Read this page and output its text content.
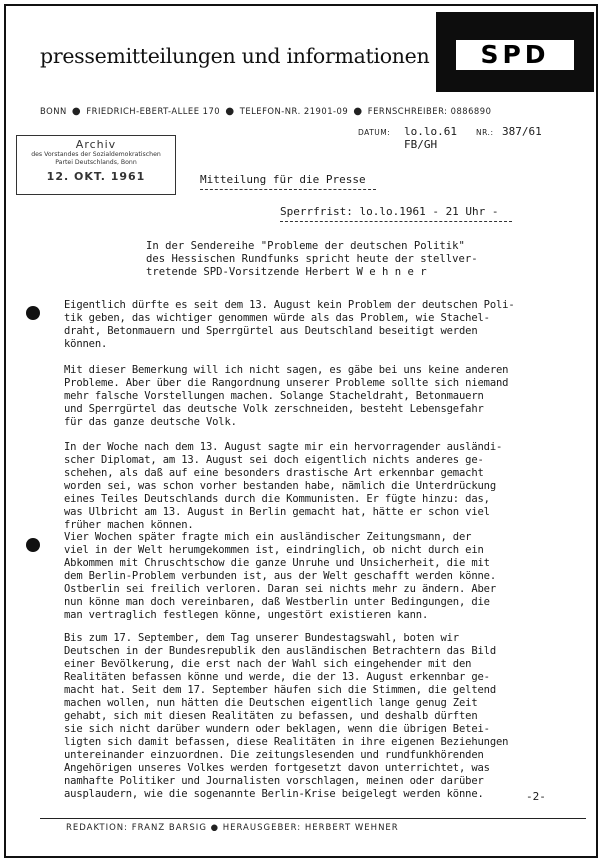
pressemitteilungen und informationen	SPD
BONN ● FRIEDRICH-EBERT-ALLEE 170 ● TELEFON-NR. 21901-09 ● FERNSCHREIBER: 0886890
Archiv
des Vorstandes der Sozialdemokratischen
Partei Deutschlands, Bonn
12. OKT. 1961
DATUM: lo.lo.61	NR.: 387/61
FB/GH
Mitteilung für die Presse
Sperrfrist: lo.lo.1961 - 21 Uhr -
In der Sendereihe "Probleme der deutschen Politik"
des Hessischen Rundfunks spricht heute der stellver-
tretende SPD-Vorsitzende Herbert W e h n e r
Eigentlich dürfte es seit dem 13. August kein Problem der deutschen Poli-
tik geben, das wichtiger genommen würde als das Problem, wie Stachel-
draht, Betonmauern und Sperrgürtel aus Deutschland beseitigt werden
können.
Mit dieser Bemerkung will ich nicht sagen, es gäbe bei uns keine anderen
Probleme. Aber über die Rangordnung unserer Probleme sollte sich niemand
mehr falsche Vorstellungen machen. Solange Stacheldraht, Betonmauern
und Sperrgürtel das deutsche Volk zerschneiden, besteht Lebensgefahr
für das ganze deutsche Volk.
In der Woche nach dem 13. August sagte mir ein hervorragender ausländi-
scher Diplomat, am 13. August sei doch eigentlich nichts anderes ge-
schehen, als daß auf eine besonders drastische Art erkennbar gemacht
worden sei, was schon vorher bestanden habe, nämlich die Unterdrückung
eines Teiles Deutschlands durch die Kommunisten. Er fügte hinzu: das,
was Ulbricht am 13. August in Berlin gemacht hat, hätte er schon viel
früher machen können.
Vier Wochen später fragte mich ein ausländischer Zeitungsmann, der
viel in der Welt herumgekommen ist, eindringlich, ob nicht durch ein
Abkommen mit Chruschtschow die ganze Unruhe und Unsicherheit, die mit
dem Berlin-Problem verbunden ist, aus der Welt geschafft werden könne.
Ostberlin sei freilich verloren. Daran sei nichts mehr zu ändern. Aber
nun könne man doch vereinbaren, daß Westberlin unter Bedingungen, die
man vertraglich festlegen könne, ungestört existieren kann.
Bis zum 17. September, dem Tag unserer Bundestagswahl, boten wir
Deutschen in der Bundesrepublik den ausländischen Betrachtern das Bild
einer Bevölkerung, die erst nach der Wahl sich eingehender mit den
Realitäten befassen könne und werde, die der 13. August erkennbar ge-
macht hat. Seit dem 17. September häufen sich die Stimmen, die geltend
machen wollen, nun hätten die Deutschen eigentlich lange genug Zeit
gehabt, sich mit diesen Realitäten zu befassen, und deshalb dürften
sie sich nicht darüber wundern oder beklagen, wenn die übrigen Betei-
ligten sich damit befassen, diese Realitäten in ihre eigenen Beziehungen
untereinander einzuordnen. Die zeitungslesenden und rundfunkhörenden
Angehörigen unseres Volkes werden fortgesetzt davon unterrichtet, was
namhafte Politiker und Journalisten vorschlagen, meinen oder darüber
ausplaudern, wie die sogenannte Berlin-Krise beigelegt werden könne.	-2-
REDAKTION: FRANZ BARSIG ● HERAUSGEBER: HERBERT WEHNER
